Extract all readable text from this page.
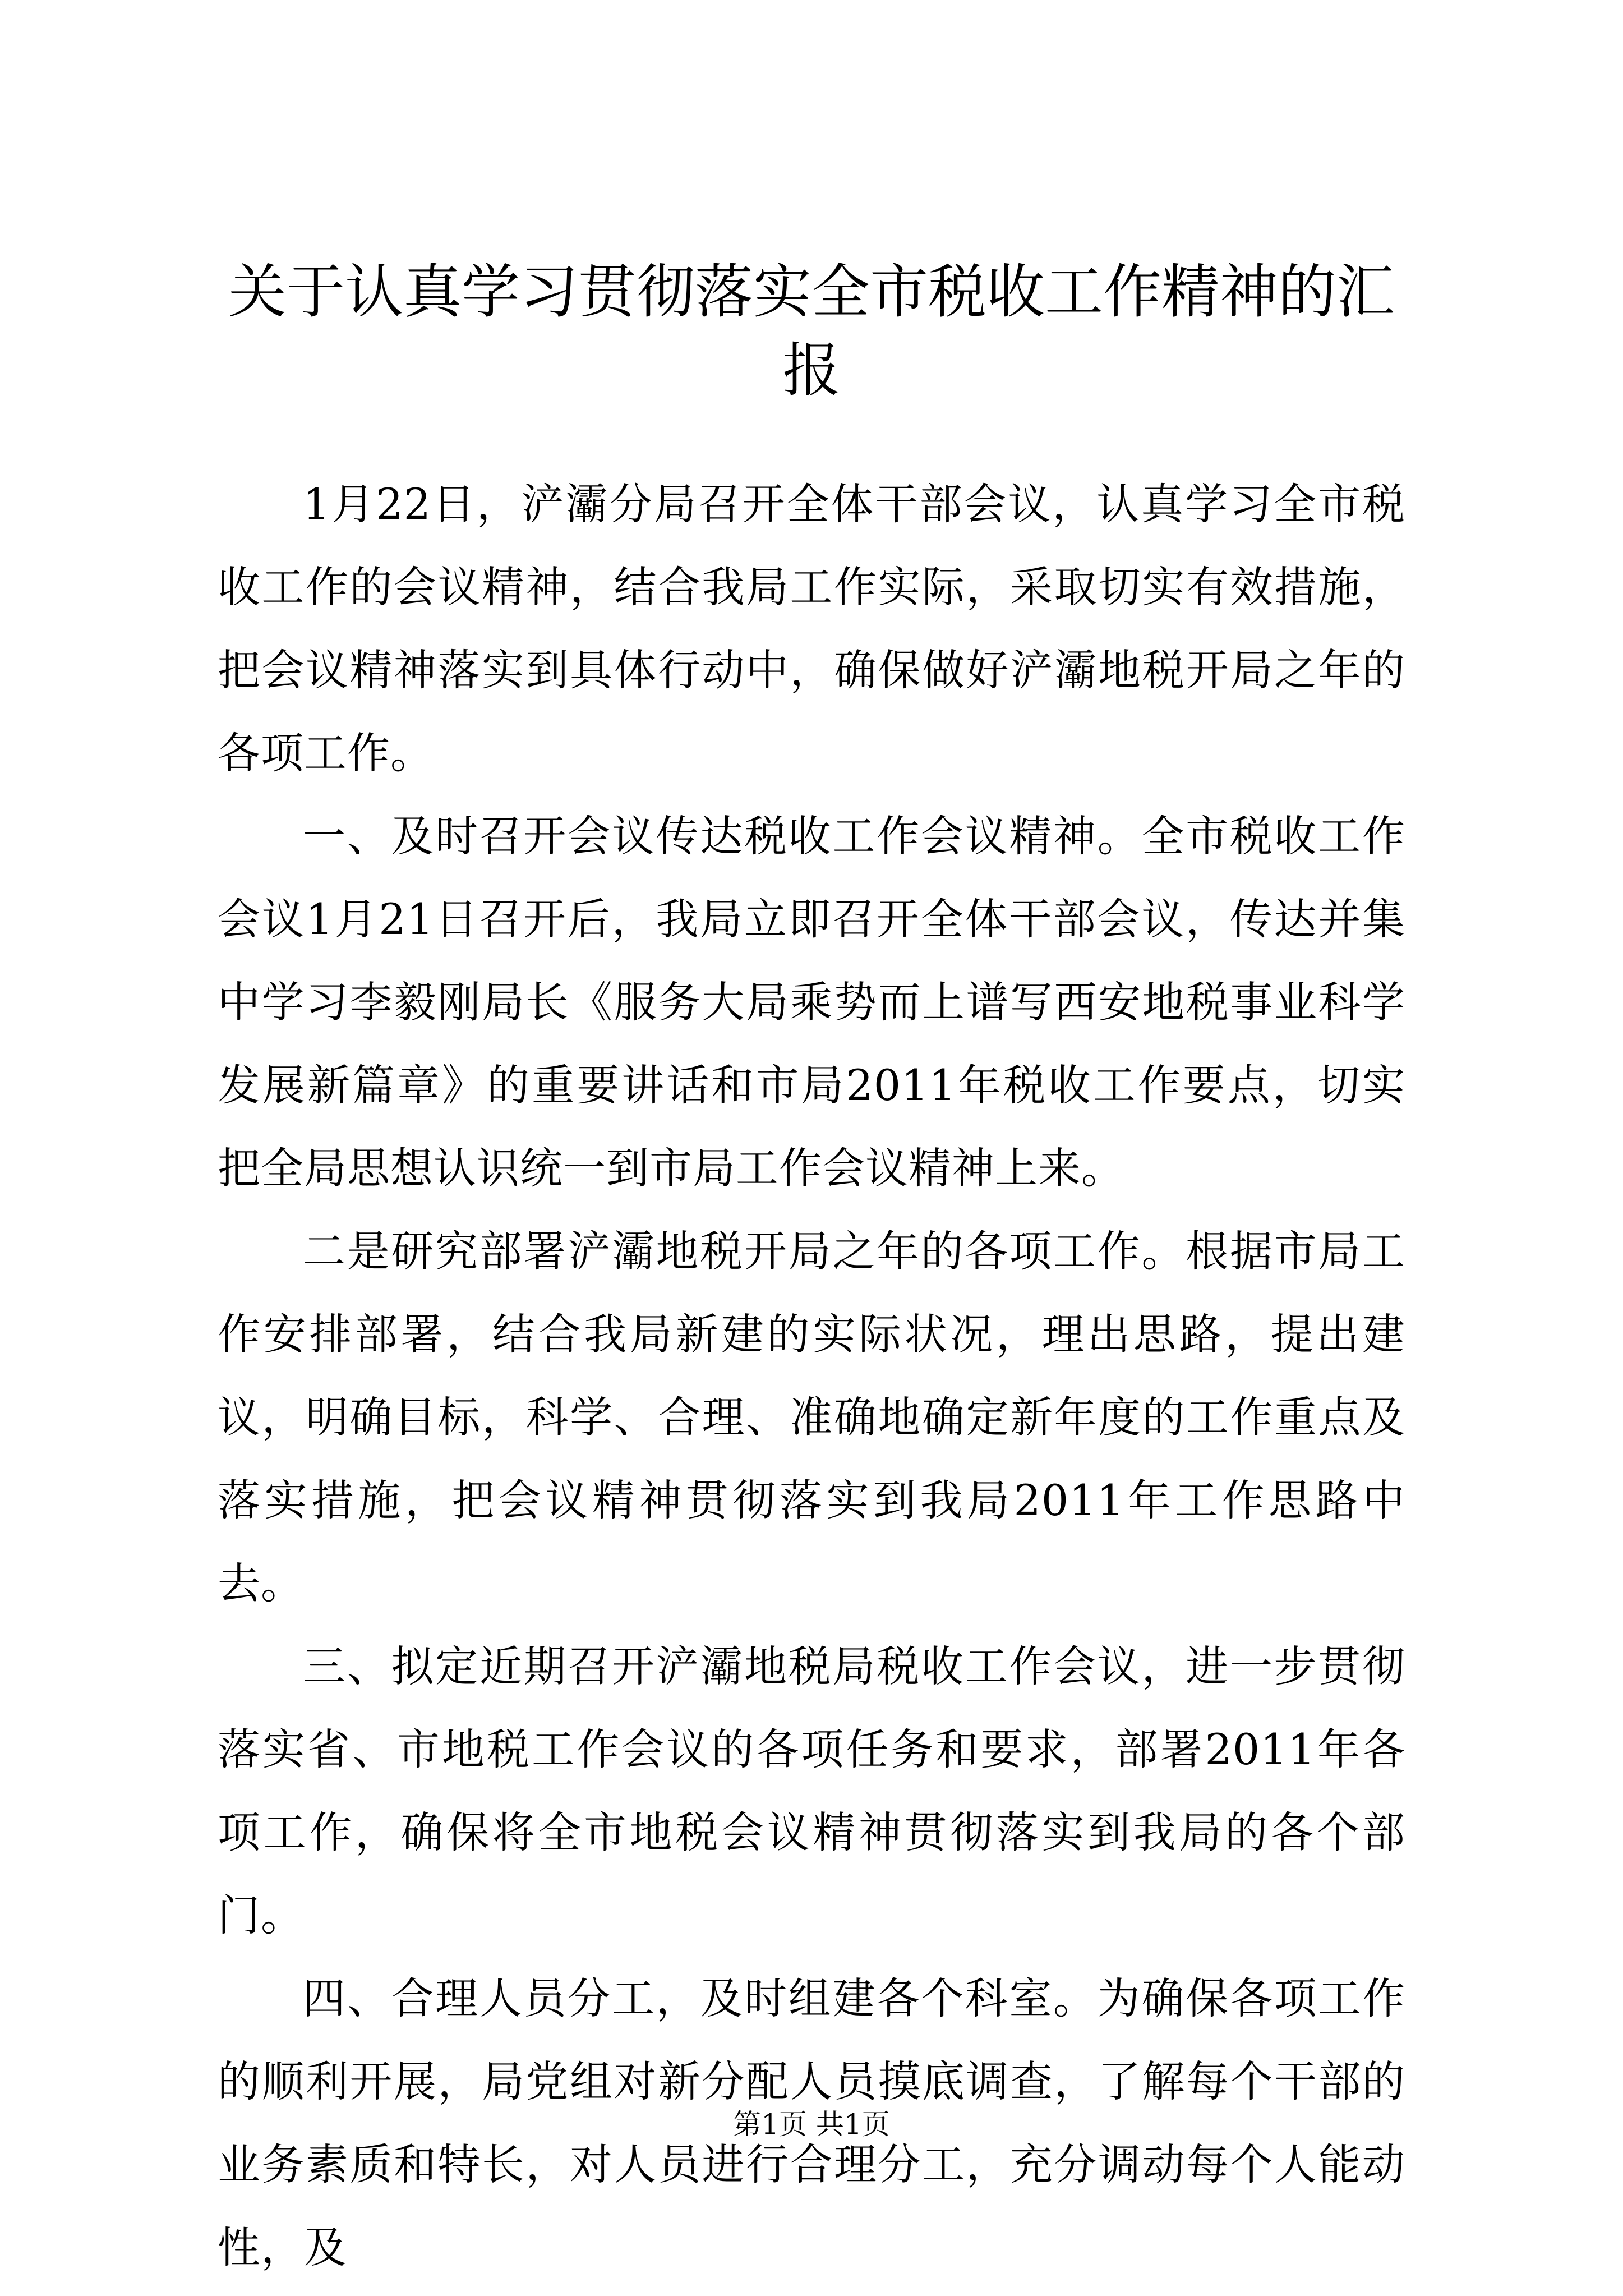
关于认真学习贯彻落实全市税收工作精神的汇报

1月22日，浐灞分局召开全体干部会议，认真学习全市税收工作的会议精神，结合我局工作实际，采取切实有效措施，把会议精神落实到具体行动中，确保做好浐灞地税开局之年的各项工作。

一、及时召开会议传达税收工作会议精神。全市税收工作会议1月21日召开后，我局立即召开全体干部会议，传达并集中学习李毅刚局长《服务大局乘势而上谱写西安地税事业科学发展新篇章》的重要讲话和市局2011年税收工作要点，切实把全局思想认识统一到市局工作会议精神上来。

二是研究部署浐灞地税开局之年的各项工作。根据市局工作安排部署，结合我局新建的实际状况，理出思路，提出建议，明确目标，科学、合理、准确地确定新年度的工作重点及落实措施，把会议精神贯彻落实到我局2011年工作思路中去。

三、拟定近期召开浐灞地税局税收工作会议，进一步贯彻落实省、市地税工作会议的各项任务和要求，部署2011年各项工作，确保将全市地税会议精神贯彻落实到我局的各个部门。

四、合理人员分工，及时组建各个科室。为确保各项工作的顺利开展，局党组对新分配人员摸底调查，了解每个干部的业务素质和特长，对人员进行合理分工，充分调动每个人能动性，及

第1页 共1页
